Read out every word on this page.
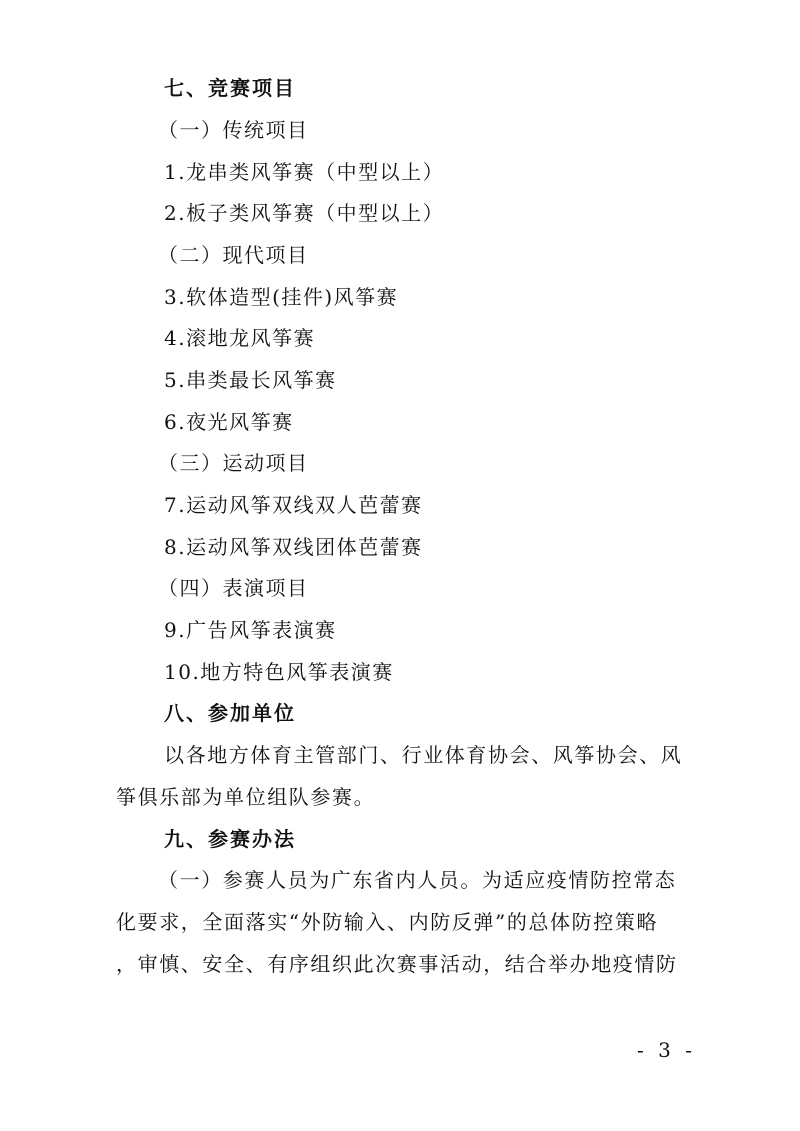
七、竞赛项目
（一）传统项目
1.龙串类风筝赛（中型以上）
2.板子类风筝赛（中型以上）
（二）现代项目
3.软体造型(挂件)风筝赛
4.滚地龙风筝赛
5.串类最长风筝赛
6.夜光风筝赛
（三）运动项目
7.运动风筝双线双人芭蕾赛
8.运动风筝双线团体芭蕾赛
（四）表演项目
9.广告风筝表演赛
10.地方特色风筝表演赛
八、参加单位
以各地方体育主管部门、行业体育协会、风筝协会、风
筝俱乐部为单位组队参赛。
九、参赛办法
（一）参赛人员为广东省内人员。为适应疫情防控常态
化要求，全面落实“外防输入、内防反弹”的总体防控策略
，审慎、安全、有序组织此次赛事活动，结合举办地疫情防
- 3 -
